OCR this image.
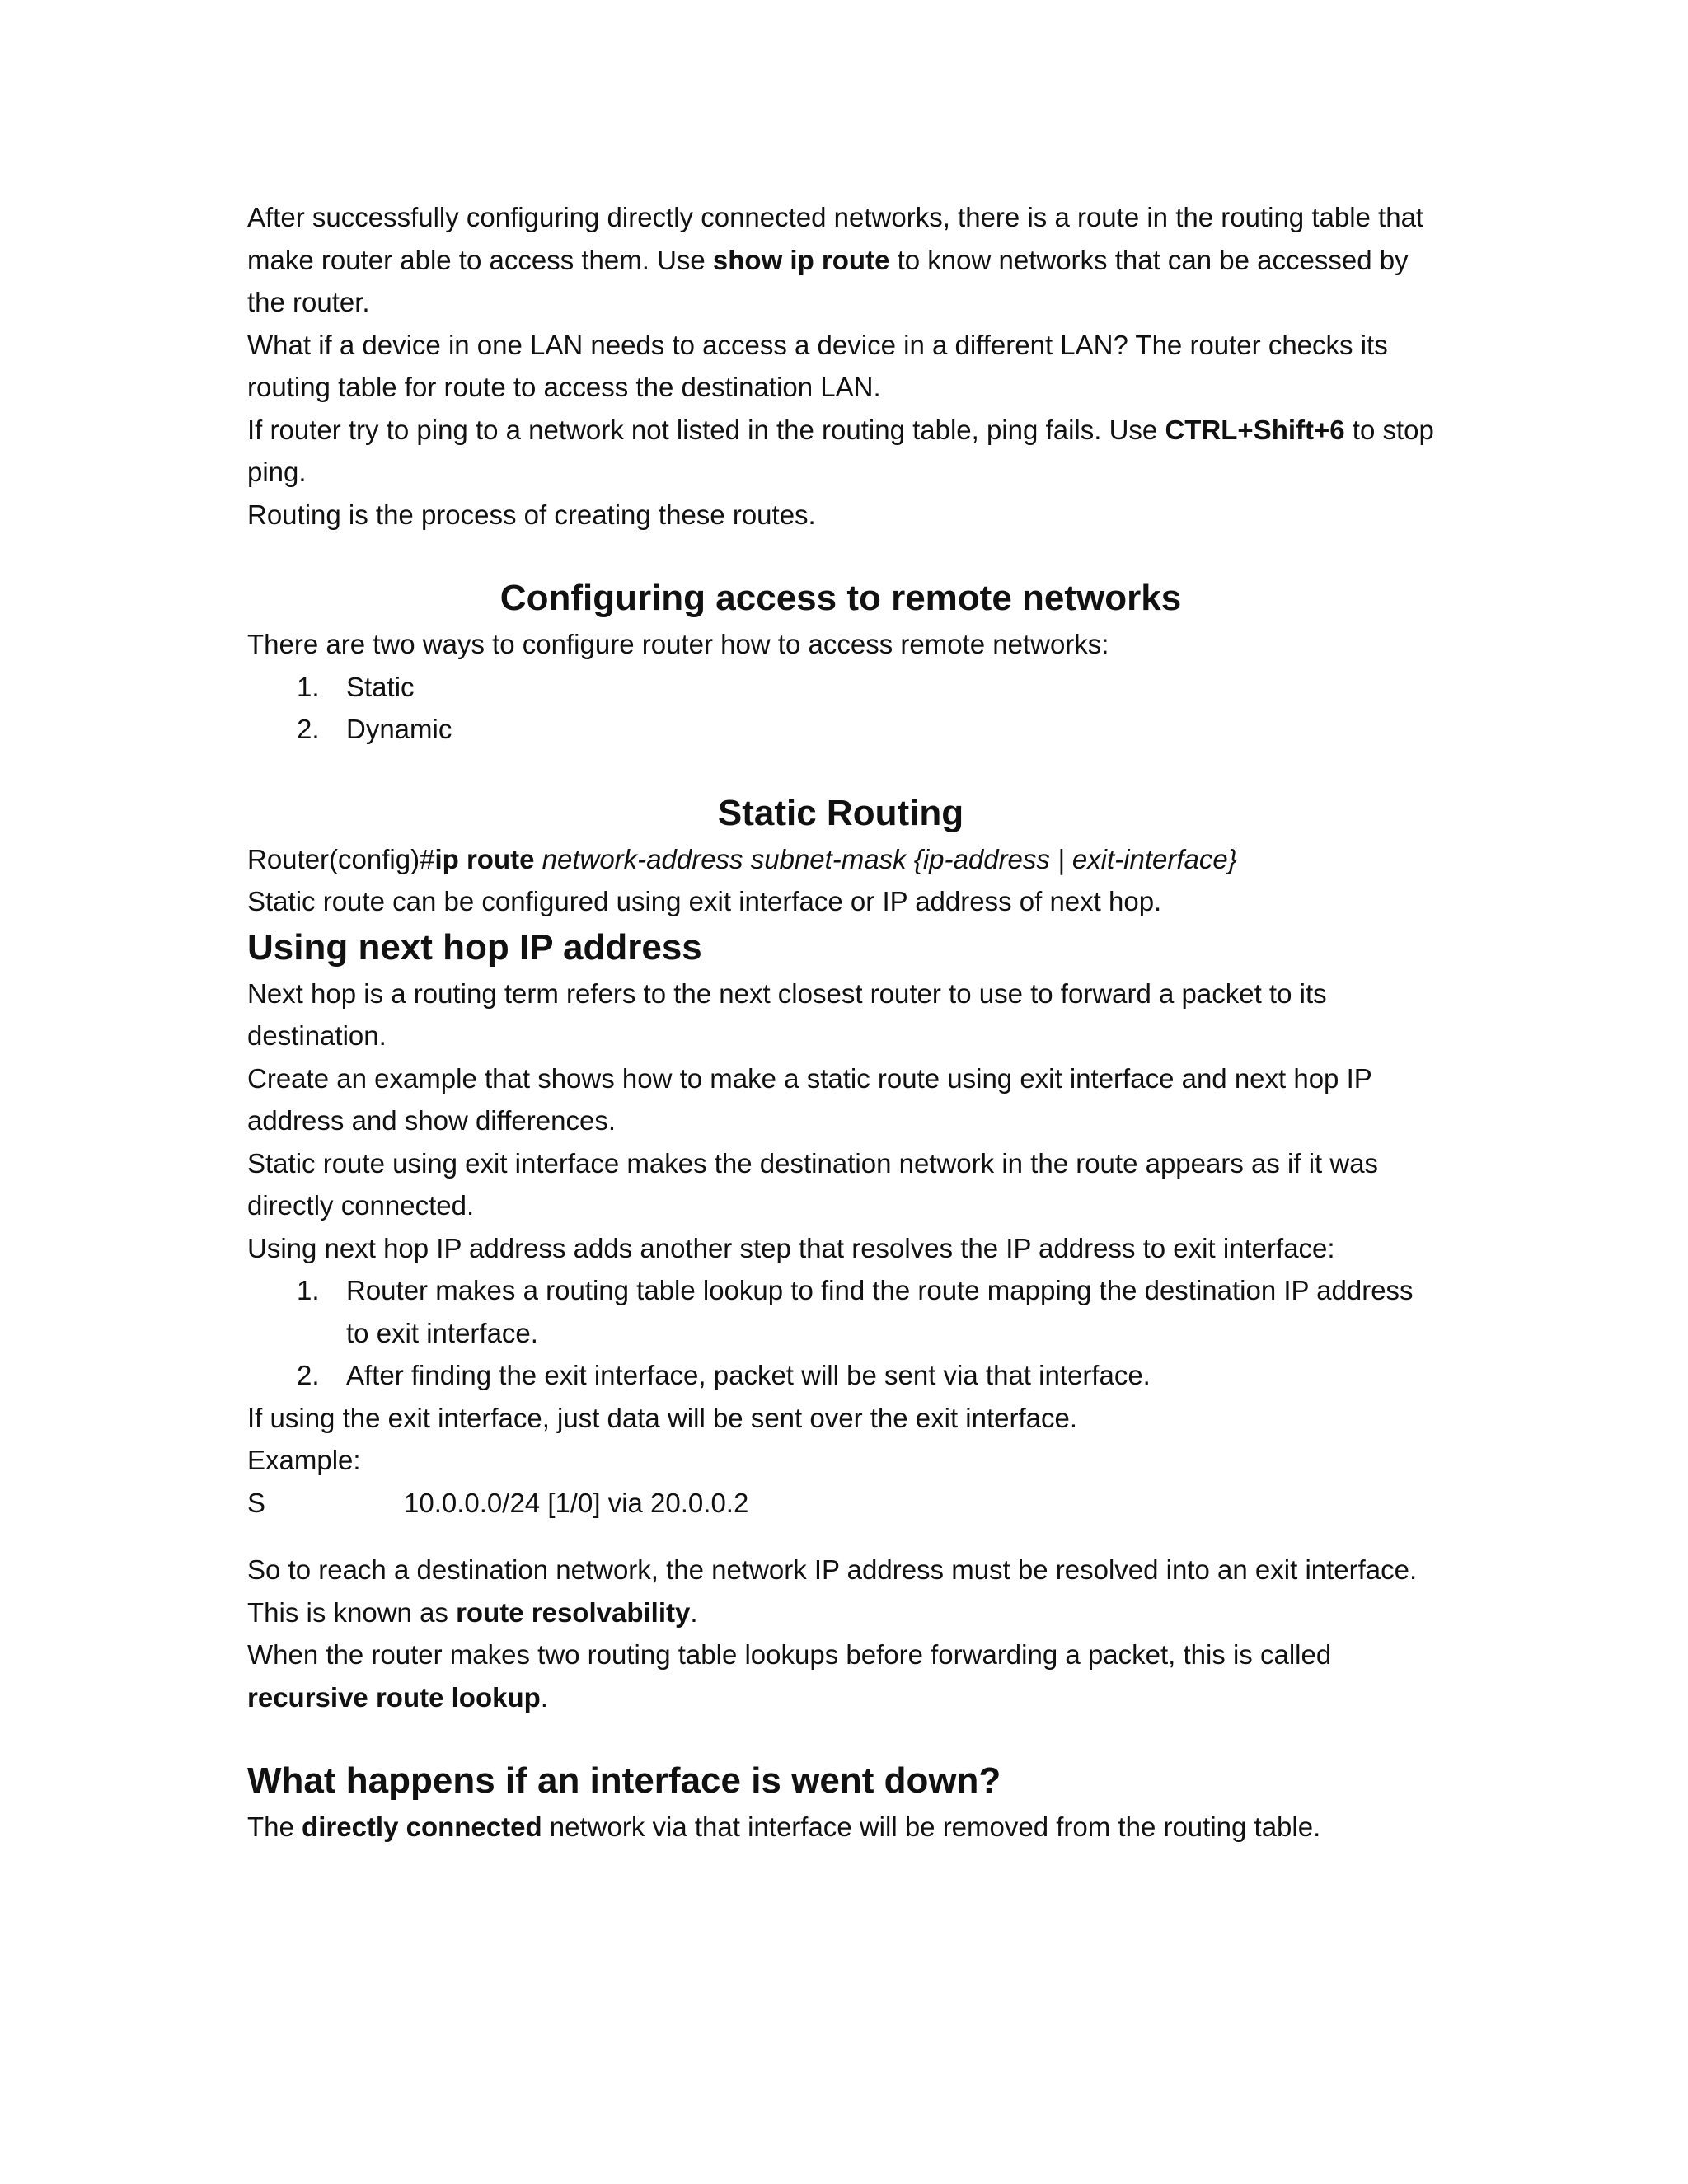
After successfully configuring directly connected networks, there is a route in the routing table that make router able to access them. Use show ip route to know networks that can be accessed by the router.

What if a device in one LAN needs to access a device in a different LAN? The router checks its routing table for route to access the destination LAN.

If router try to ping to a network not listed in the routing table, ping fails. Use CTRL+Shift+6 to stop ping.

Routing is the process of creating these routes.

Configuring access to remote networks

There are two ways to configure router how to access remote networks:

1. Static
2. Dynamic
Static Routing

Router(config)#ip route network-address subnet-mask {ip-address | exit-interface}

Static route can be configured using exit interface or IP address of next hop.

Using next hop IP address

Next hop is a routing term refers to the next closest router to use to forward a packet to its destination.

Create an example that shows how to make a static route using exit interface and next hop IP address and show differences.

Static route using exit interface makes the destination network in the route appears as if it was directly connected.

Using next hop IP address adds another step that resolves the IP address to exit interface:

1. Router makes a routing table lookup to find the route mapping the destination IP address to exit interface.
2. After finding the exit interface, packet will be sent via that interface.

If using the exit interface, just data will be sent over the exit interface.

Example:

S	10.0.0.0/24 [1/0] via 20.0.0.2

So to reach a destination network, the network IP address must be resolved into an exit interface. This is known as route resolvability.

When the router makes two routing table lookups before forwarding a packet, this is called recursive route lookup.

What happens if an interface is went down?

The directly connected network via that interface will be removed from the routing table.
